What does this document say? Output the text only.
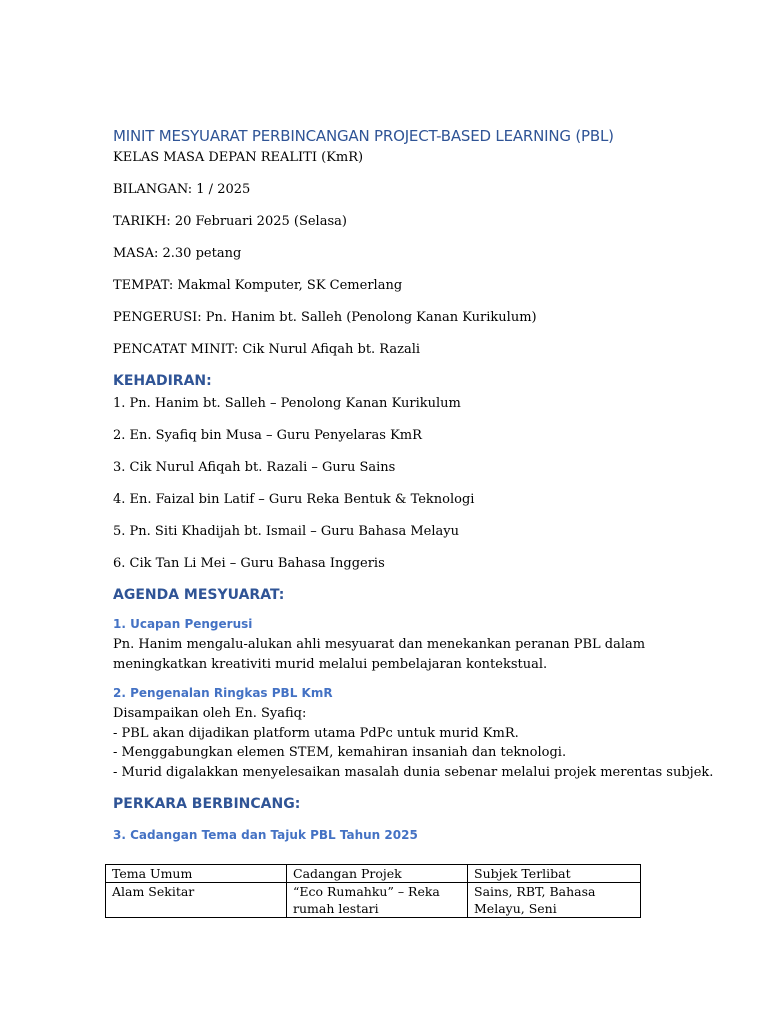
MINIT MESYUARAT PERBINCANGAN PROJECT-BASED LEARNING (PBL)

KELAS MASA DEPAN REALITI (KmR)

BILANGAN: 1 / 2025

TARIKH: 20 Februari 2025 (Selasa)

MASA: 2.30 petang

TEMPAT: Makmal Komputer, SK Cemerlang

PENGERUSI: Pn. Hanim bt. Salleh (Penolong Kanan Kurikulum)

PENCATAT MINIT: Cik Nurul Afiqah bt. Razali

KEHADIRAN:

1. Pn. Hanim bt. Salleh – Penolong Kanan Kurikulum

2. En. Syafiq bin Musa – Guru Penyelaras KmR

3. Cik Nurul Afiqah bt. Razali – Guru Sains

4. En. Faizal bin Latif – Guru Reka Bentuk & Teknologi

5. Pn. Siti Khadijah bt. Ismail – Guru Bahasa Melayu

6. Cik Tan Li Mei – Guru Bahasa Inggeris

AGENDA MESYUARAT:
1. Ucapan Pengerusi

Pn. Hanim mengalu-alukan ahli mesyuarat dan menekankan peranan PBL dalam

meningkatkan kreativiti murid melalui pembelajaran kontekstual.

2. Pengenalan Ringkas PBL KmR

Disampaikan oleh En. Syafiq:

- PBL akan dijadikan platform utama PdPc untuk murid KmR.

- Menggabungkan elemen STEM, kemahiran insaniah dan teknologi.

- Murid digalakkan menyelesaikan masalah dunia sebenar melalui projek merentas subjek.

PERKARA BERBINCANG:
3. Cadangan Tema dan Tajuk PBL Tahun 2025
Tema Umum	Cadangan Projek	Subjek Terlibat
Alam Sekitar	“Eco Rumahku” – Reka rumah lestari	Sains, RBT, Bahasa Melayu, Seni
